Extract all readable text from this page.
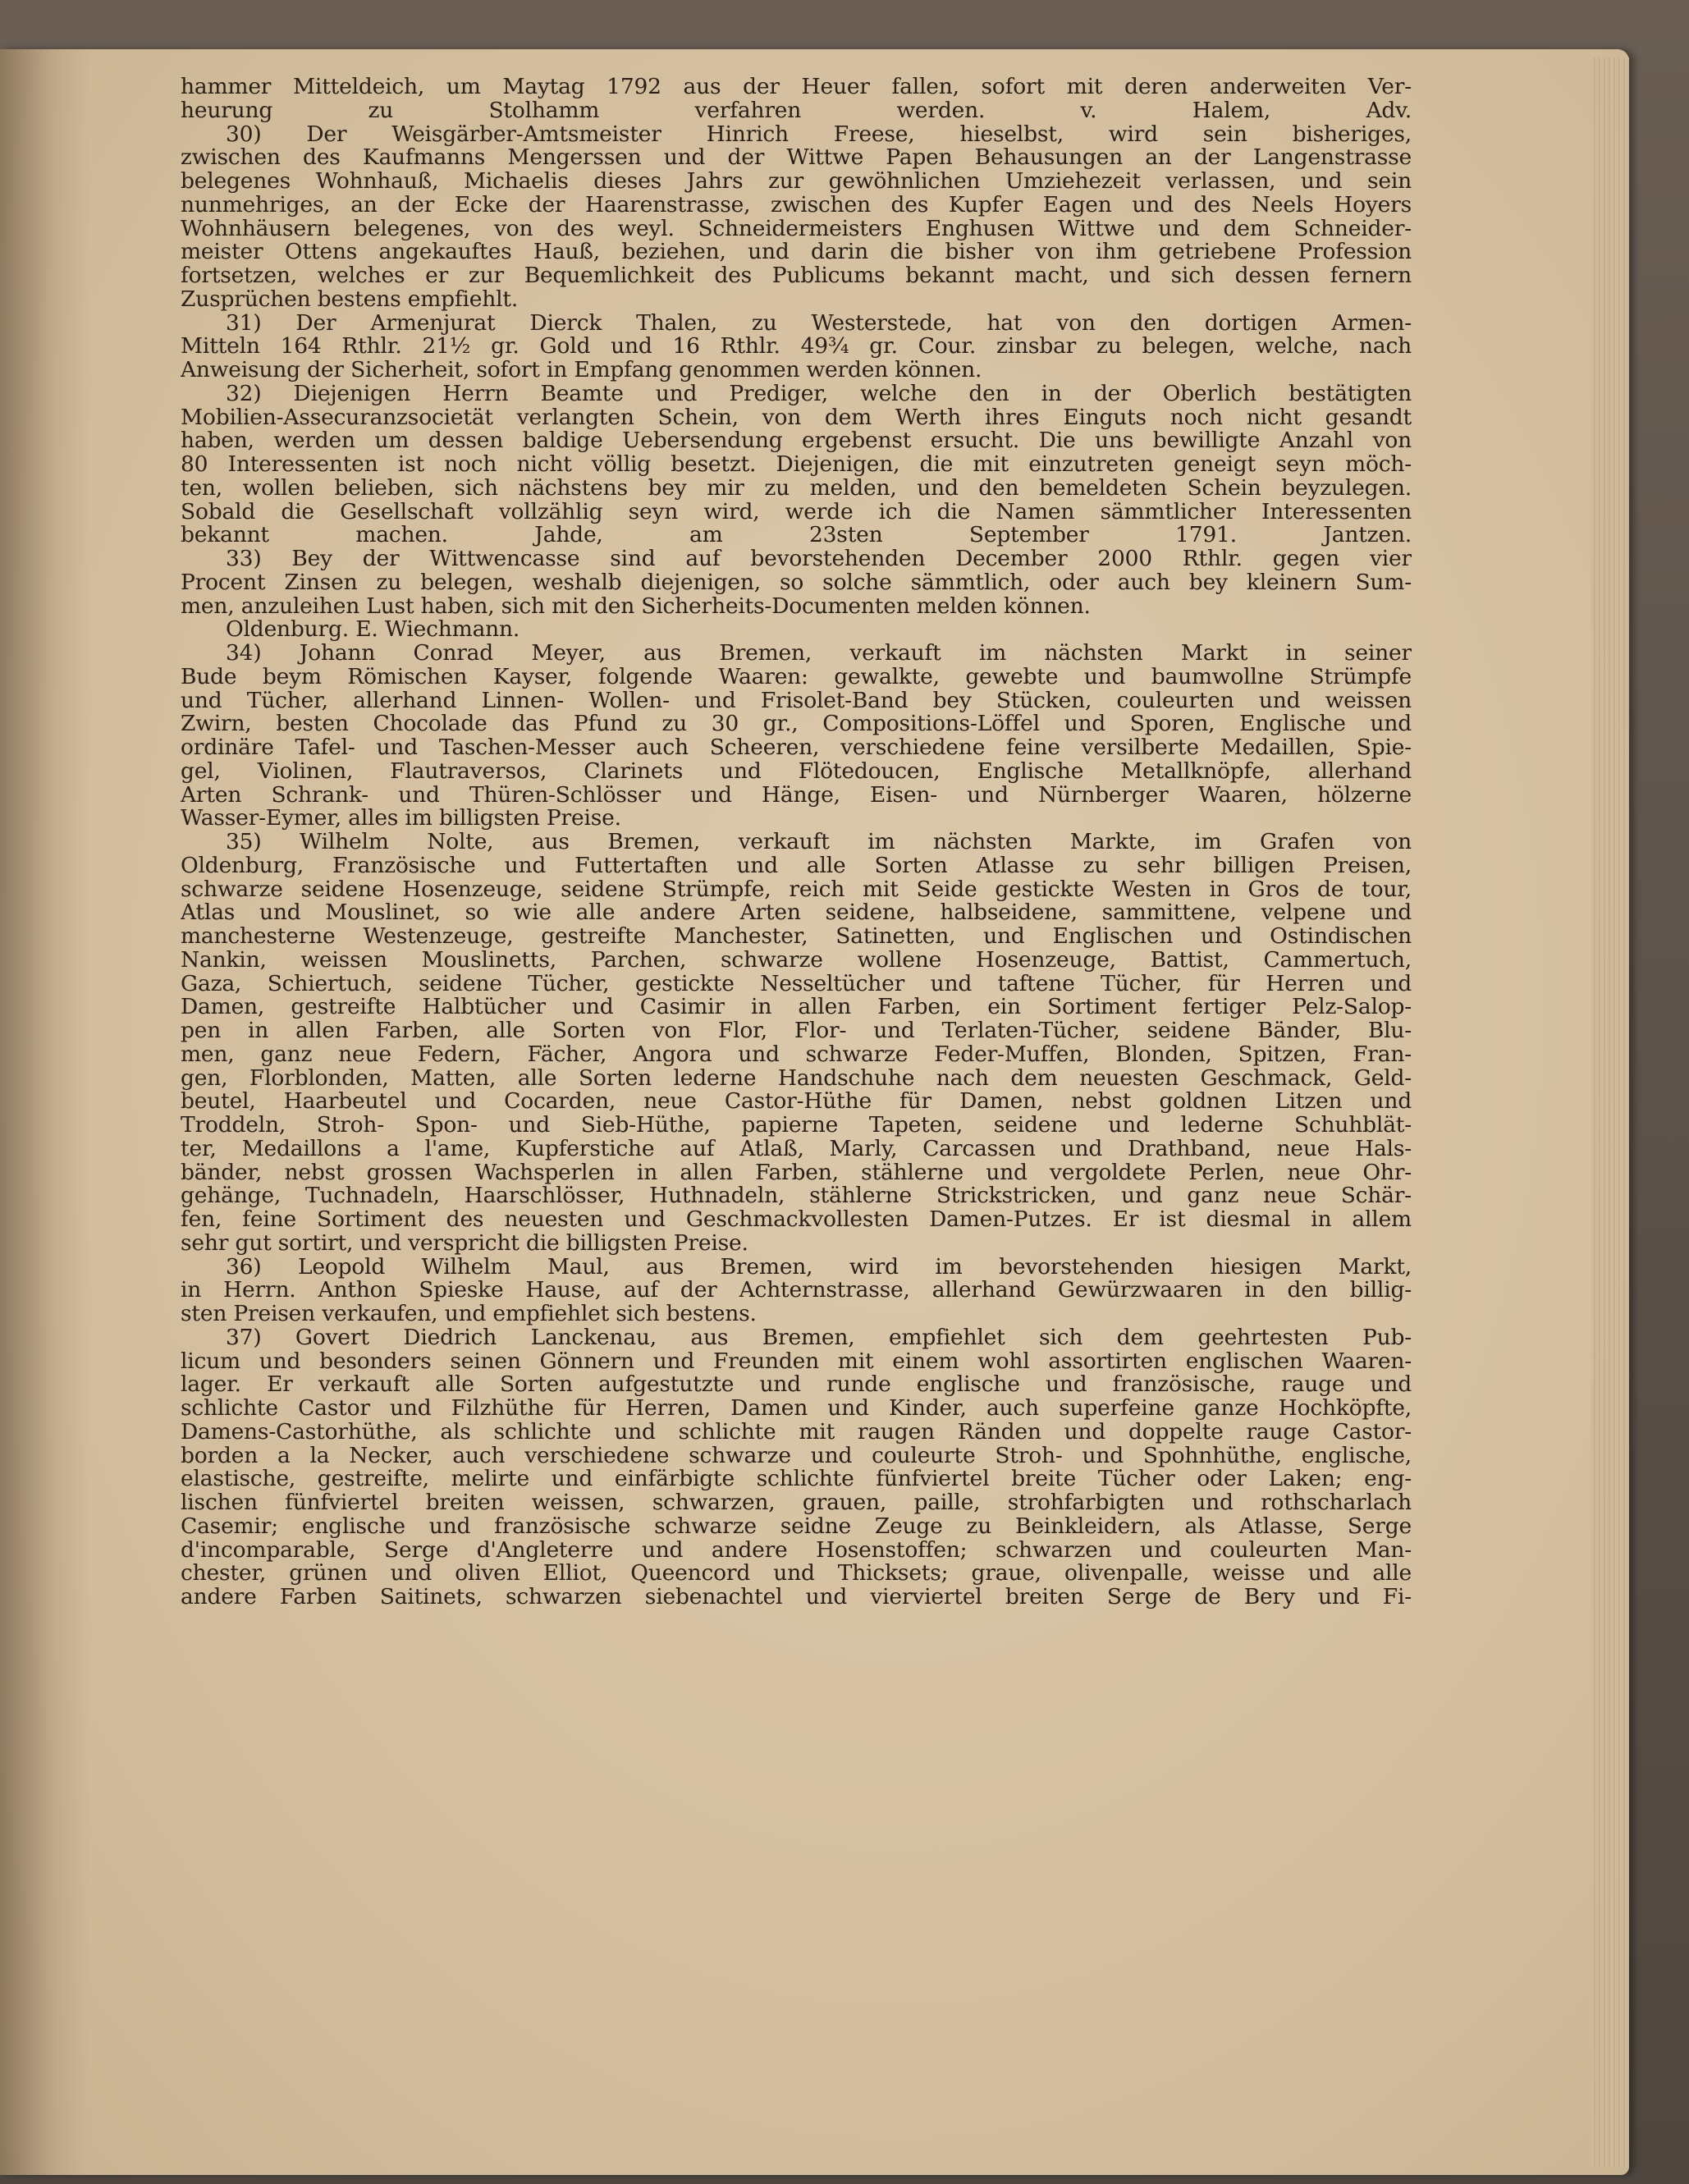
hammer Mitteldeich, um Maytag 1792 aus der Heuer fallen, sofort mit deren anderweiten Ver-
heurung zu Stolhamm verfahren werden. v. Halem, Adv.
30) Der Weisgärber-Amtsmeister Hinrich Freese, hieselbst, wird sein bisheriges,
zwischen des Kaufmanns Mengerssen und der Wittwe Papen Behausungen an der Langenstrasse
belegenes Wohnhauß, Michaelis dieses Jahrs zur gewöhnlichen Umziehezeit verlassen, und sein
nunmehriges, an der Ecke der Haarenstrasse, zwischen des Kupfer Eagen und des Neels Hoyers
Wohnhäusern belegenes, von des weyl. Schneidermeisters Enghusen Wittwe und dem Schneider-
meister Ottens angekauftes Hauß, beziehen, und darin die bisher von ihm getriebene Profession
fortsetzen, welches er zur Bequemlichkeit des Publicums bekannt macht, und sich dessen fernern
Zusprüchen bestens empfiehlt.
31) Der Armenjurat Dierck Thalen, zu Westerstede, hat von den dortigen Armen-
Mitteln 164 Rthlr. 21½ gr. Gold und 16 Rthlr. 49¾ gr. Cour. zinsbar zu belegen, welche, nach
Anweisung der Sicherheit, sofort in Empfang genommen werden können.
32) Diejenigen Herrn Beamte und Prediger, welche den in der Oberlich bestätigten
Mobilien-Assecuranzsocietät verlangten Schein, von dem Werth ihres Einguts noch nicht gesandt
haben, werden um dessen baldige Uebersendung ergebenst ersucht. Die uns bewilligte Anzahl von
80 Interessenten ist noch nicht völlig besetzt. Diejenigen, die mit einzutreten geneigt seyn möch-
ten, wollen belieben, sich nächstens bey mir zu melden, und den bemeldeten Schein beyzulegen.
Sobald die Gesellschaft vollzählig seyn wird, werde ich die Namen sämmtlicher Interessenten
bekannt machen. Jahde, am 23sten September 1791. Jantzen.
33) Bey der Wittwencasse sind auf bevorstehenden December 2000 Rthlr. gegen vier
Procent Zinsen zu belegen, weshalb diejenigen, so solche sämmtlich, oder auch bey kleinern Sum-
men, anzuleihen Lust haben, sich mit den Sicherheits-Documenten melden können.
Oldenburg. E. Wiechmann.
34) Johann Conrad Meyer, aus Bremen, verkauft im nächsten Markt in seiner
Bude beym Römischen Kayser, folgende Waaren: gewalkte, gewebte und baumwollne Strümpfe
und Tücher, allerhand Linnen- Wollen- und Frisolet-Band bey Stücken, couleurten und weissen
Zwirn, besten Chocolade das Pfund zu 30 gr., Compositions-Löffel und Sporen, Englische und
ordinäre Tafel- und Taschen-Messer auch Scheeren, verschiedene feine versilberte Medaillen, Spie-
gel, Violinen, Flautraversos, Clarinets und Flötedoucen, Englische Metallknöpfe, allerhand
Arten Schrank- und Thüren-Schlösser und Hänge, Eisen- und Nürnberger Waaren, hölzerne
Wasser-Eymer, alles im billigsten Preise.
35) Wilhelm Nolte, aus Bremen, verkauft im nächsten Markte, im Grafen von
Oldenburg, Französische und Futtertaften und alle Sorten Atlasse zu sehr billigen Preisen,
schwarze seidene Hosenzeuge, seidene Strümpfe, reich mit Seide gestickte Westen in Gros de tour,
Atlas und Mouslinet, so wie alle andere Arten seidene, halbseidene, sammittene, velpene und
manchesterne Westenzeuge, gestreifte Manchester, Satinetten, und Englischen und Ostindischen
Nankin, weissen Mouslinetts, Parchen, schwarze wollene Hosenzeuge, Battist, Cammertuch,
Gaza, Schiertuch, seidene Tücher, gestickte Nesseltücher und taftene Tücher, für Herren und
Damen, gestreifte Halbtücher und Casimir in allen Farben, ein Sortiment fertiger Pelz-Salop-
pen in allen Farben, alle Sorten von Flor, Flor- und Terlaten-Tücher, seidene Bänder, Blu-
men, ganz neue Federn, Fächer, Angora und schwarze Feder-Muffen, Blonden, Spitzen, Fran-
gen, Florblonden, Matten, alle Sorten lederne Handschuhe nach dem neuesten Geschmack, Geld-
beutel, Haarbeutel und Cocarden, neue Castor-Hüthe für Damen, nebst goldnen Litzen und
Troddeln, Stroh- Spon- und Sieb-Hüthe, papierne Tapeten, seidene und lederne Schuhblät-
ter, Medaillons a l'ame, Kupferstiche auf Atlaß, Marly, Carcassen und Drathband, neue Hals-
bänder, nebst grossen Wachsperlen in allen Farben, stählerne und vergoldete Perlen, neue Ohr-
gehänge, Tuchnadeln, Haarschlösser, Huthnadeln, stählerne Strickstricken, und ganz neue Schär-
fen, feine Sortiment des neuesten und Geschmackvollesten Damen-Putzes. Er ist diesmal in allem
sehr gut sortirt, und verspricht die billigsten Preise.
36) Leopold Wilhelm Maul, aus Bremen, wird im bevorstehenden hiesigen Markt,
in Herrn. Anthon Spieske Hause, auf der Achternstrasse, allerhand Gewürzwaaren in den billig-
sten Preisen verkaufen, und empfiehlet sich bestens.
37) Govert Diedrich Lanckenau, aus Bremen, empfiehlet sich dem geehrtesten Pub-
licum und besonders seinen Gönnern und Freunden mit einem wohl assortirten englischen Waaren-
lager. Er verkauft alle Sorten aufgestutzte und runde englische und französische, rauge und
schlichte Castor und Filzhüthe für Herren, Damen und Kinder, auch superfeine ganze Hochköpfte,
Damens-Castorhüthe, als schlichte und schlichte mit raugen Ränden und doppelte rauge Castor-
borden a la Necker, auch verschiedene schwarze und couleurte Stroh- und Spohnhüthe, englische,
elastische, gestreifte, melirte und einfärbigte schlichte fünfviertel breite Tücher oder Laken; eng-
lischen fünfviertel breiten weissen, schwarzen, grauen, paille, strohfarbigten und rothscharlach
Casemir; englische und französische schwarze seidne Zeuge zu Beinkleidern, als Atlasse, Serge
d'incomparable, Serge d'Angleterre und andere Hosenstoffen; schwarzen und couleurten Man-
chester, grünen und oliven Elliot, Queencord und Thicksets; graue, olivenpalle, weisse und alle
andere Farben Saitinets, schwarzen siebenachtel und vierviertel breiten Serge de Bery und Fi-
